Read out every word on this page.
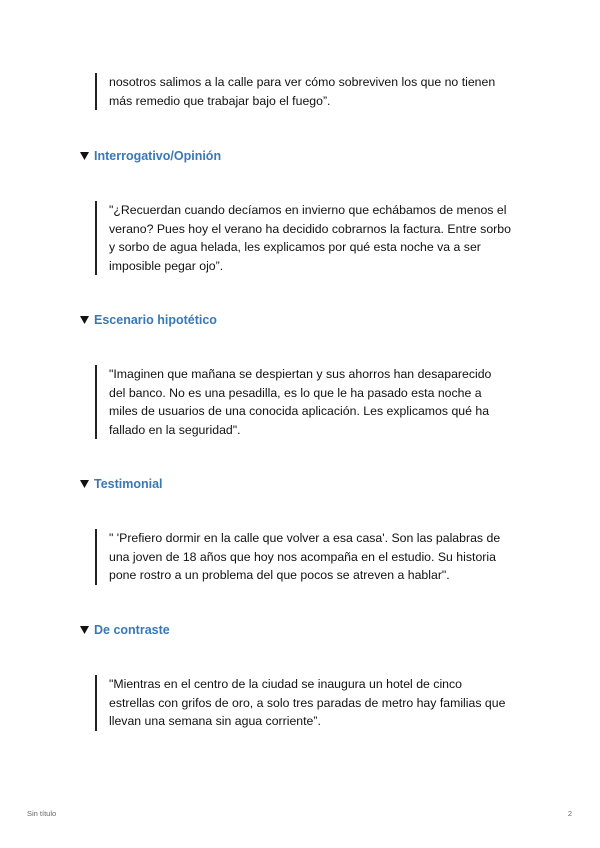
nosotros salimos a la calle para ver cómo sobreviven los que no tienen
más remedio que trabajar bajo el fuego”.
Interrogativo/Opinión
"¿Recuerdan cuando decíamos en invierno que echábamos de menos el
verano? Pues hoy el verano ha decidido cobrarnos la factura. Entre sorbo
y sorbo de agua helada, les explicamos por qué esta noche va a ser
imposible pegar ojo”.
Escenario hipotético
"Imaginen que mañana se despiertan y sus ahorros han desaparecido
del banco. No es una pesadilla, es lo que le ha pasado esta noche a
miles de usuarios de una conocida aplicación. Les explicamos qué ha
fallado en la seguridad".
Testimonial
" 'Prefiero dormir en la calle que volver a esa casa'. Son las palabras de
una joven de 18 años que hoy nos acompaña en el estudio. Su historia
pone rostro a un problema del que pocos se atreven a hablar".
De contraste
"Mientras en el centro de la ciudad se inaugura un hotel de cinco
estrellas con grifos de oro, a solo tres paradas de metro hay familias que
llevan una semana sin agua corriente”.
Sin título	2
